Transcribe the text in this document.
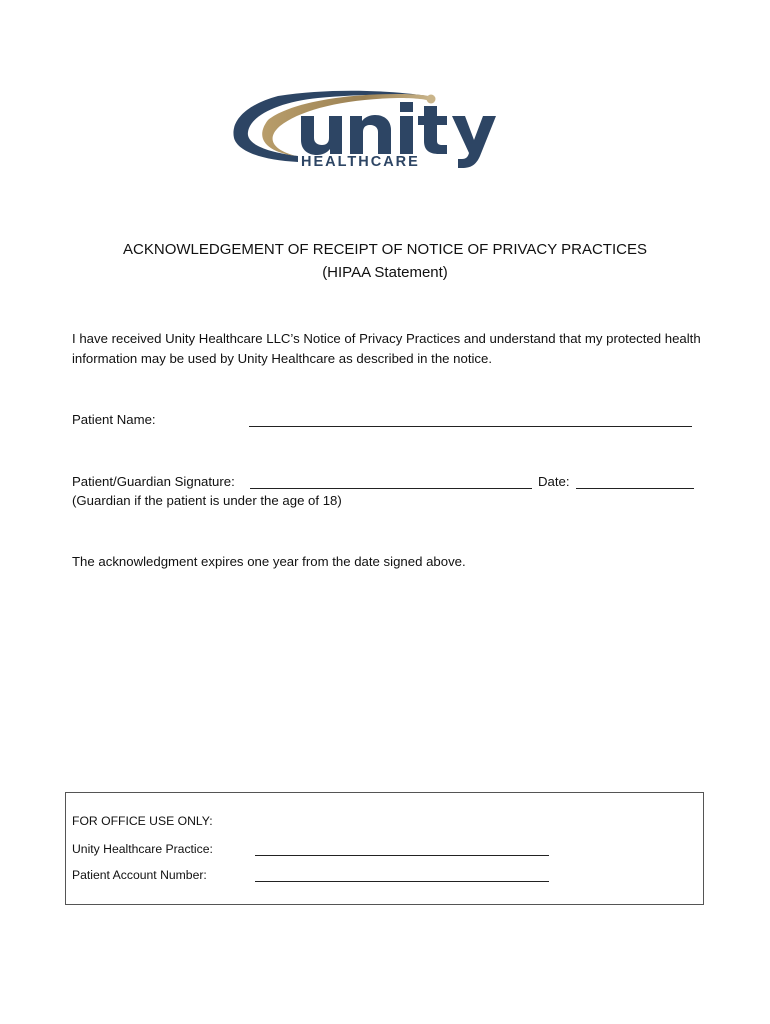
HEALTHCARE
ACKNOWLEDGEMENT OF RECEIPT OF NOTICE OF PRIVACY PRACTICES
(HIPAA Statement)
I have received Unity Healthcare LLC’s Notice of Privacy Practices and understand that my protected health information may be used by Unity Healthcare as described in the notice.
Patient Name:
Patient/Guardian Signature:	Date:
(Guardian if the patient is under the age of 18)
The acknowledgment expires one year from the date signed above.
FOR OFFICE USE ONLY:
Unity Healthcare Practice:
Patient Account Number:
